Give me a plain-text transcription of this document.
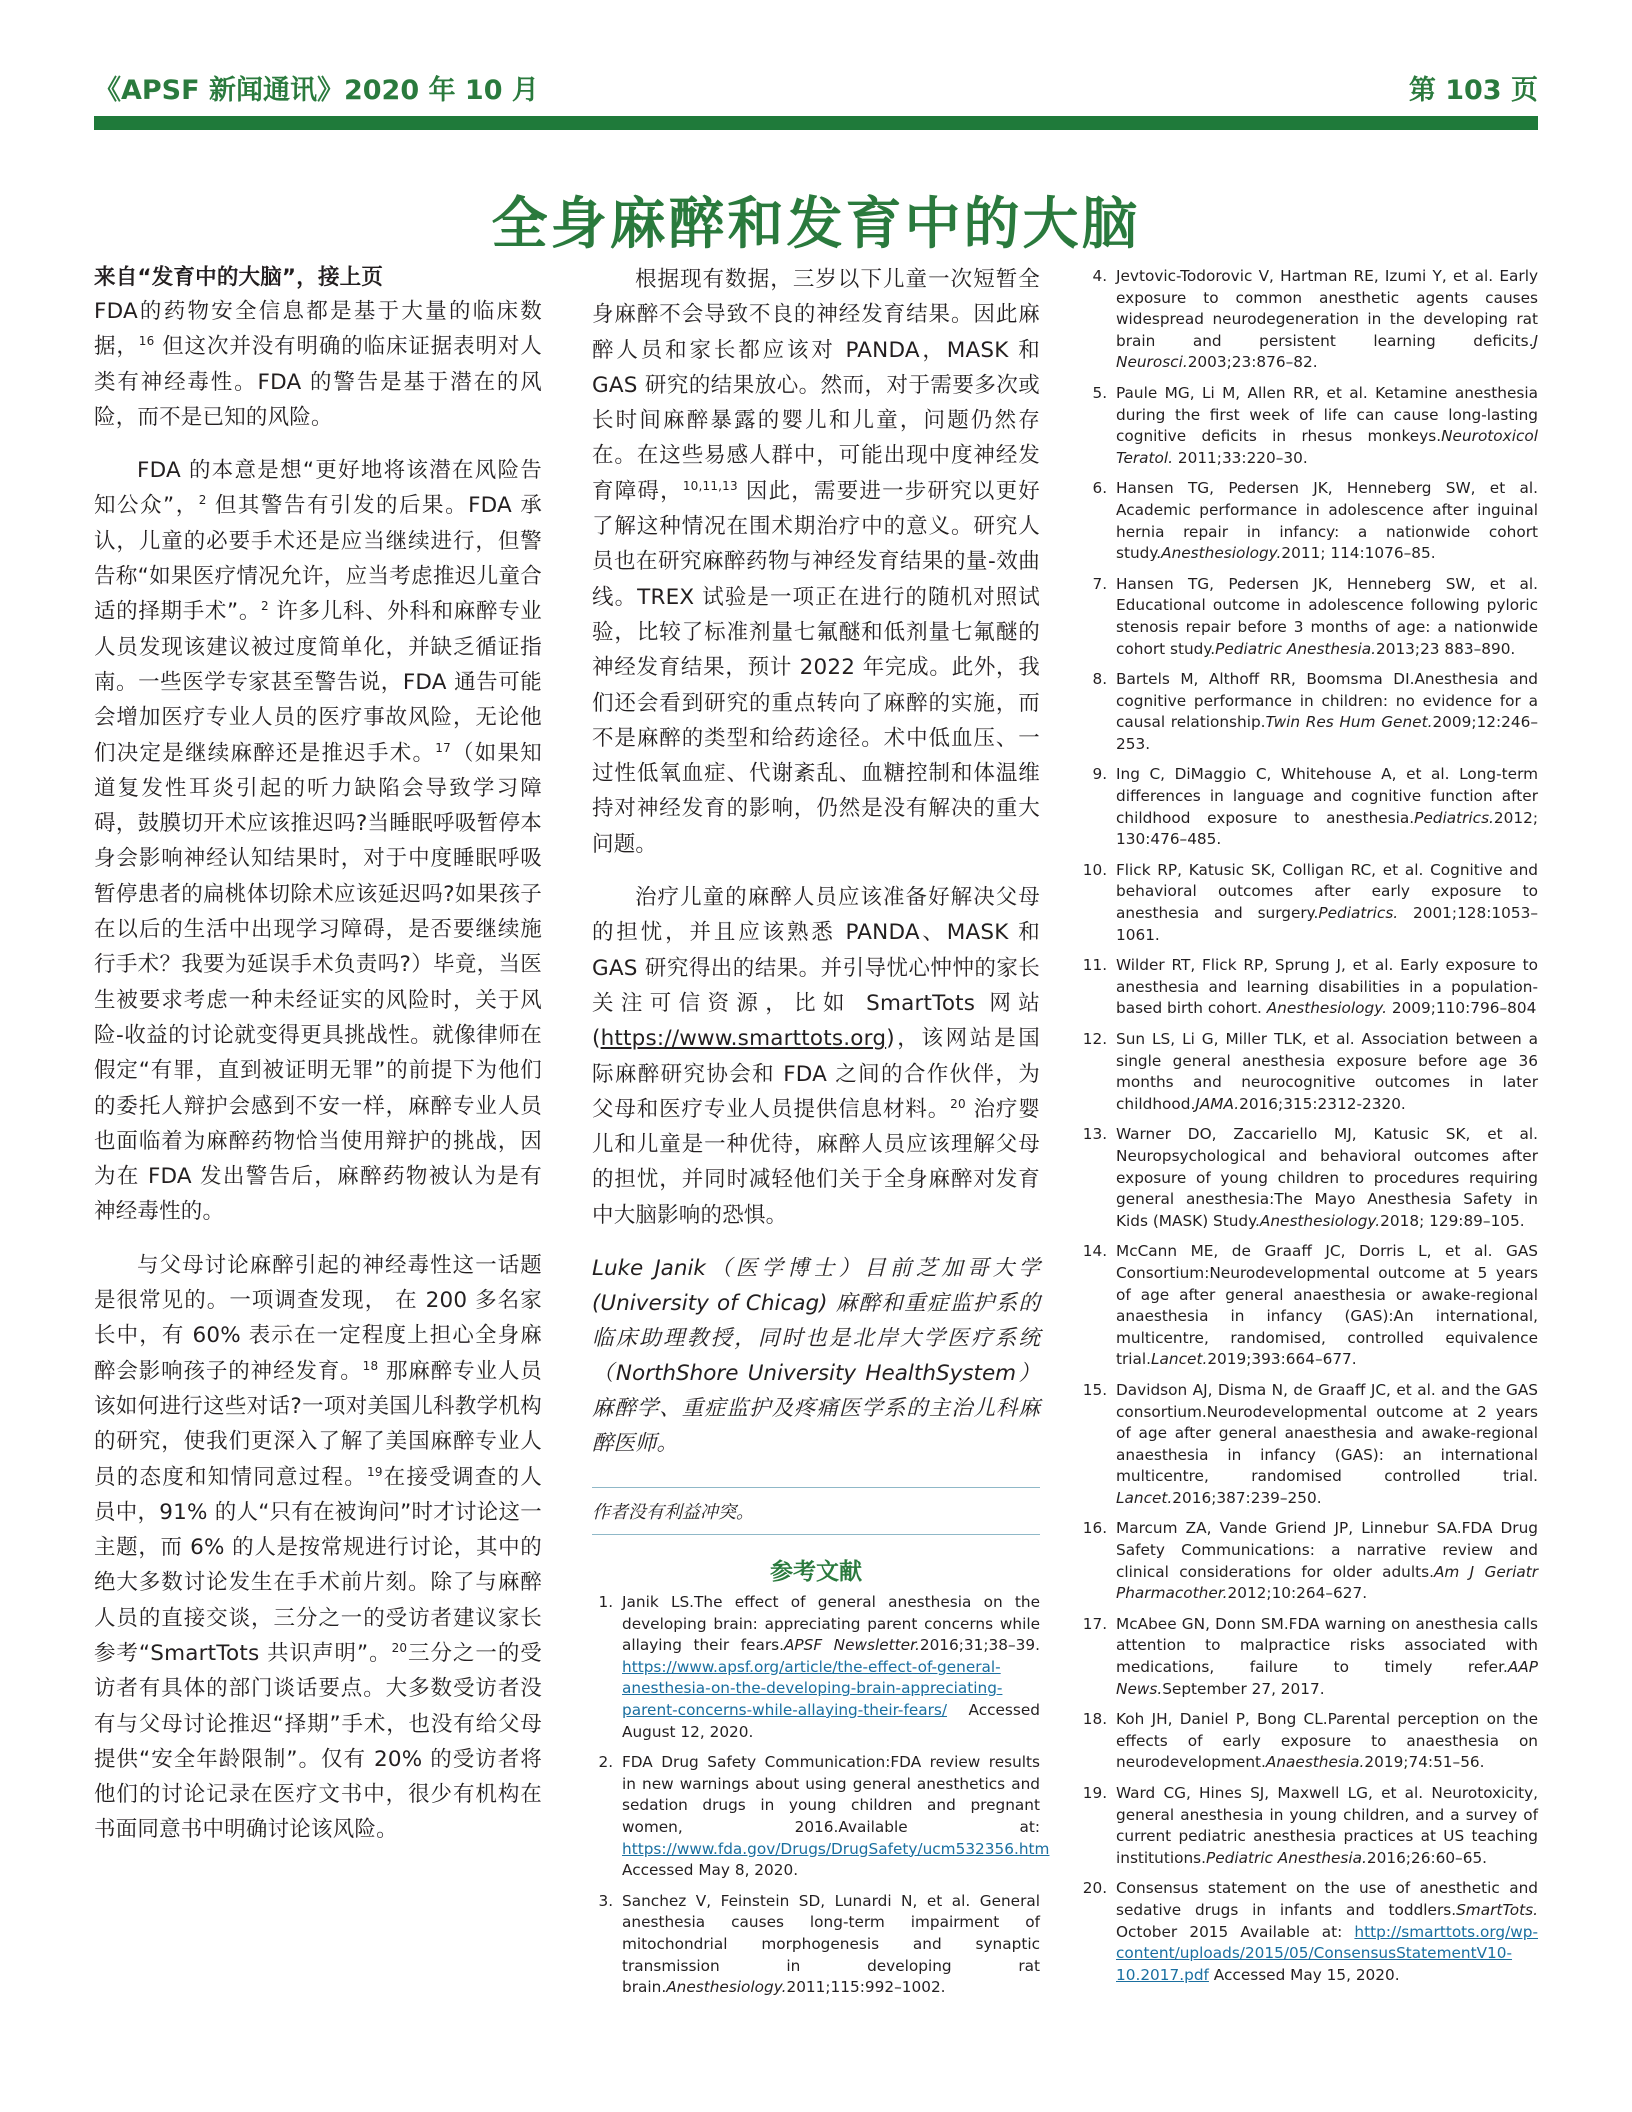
《APSF 新闻通讯》2020 年 10 月	第 103 页
全身麻醉和发育中的大脑
来自“发育中的大脑”，接上页

FDA的药物安全信息都是基于大量的临床数据，$^{16}$ 但这次并没有明确的临床证据表明对人类有神经毒性。FDA 的警告是基于潜在的风险，而不是已知的风险。

FDA 的本意是想“更好地将该潜在风险告知公众”，$^2$ 但其警告有引发的后果。FDA 承认，儿童的必要手术还是应当继续进行，但警告称“如果医疗情况允许，应当考虑推迟儿童合适的择期手术”。$^2$ 许多儿科、外科和麻醉专业人员发现该建议被过度简单化，并缺乏循证指南。一些医学专家甚至警告说，FDA 通告可能会增加医疗专业人员的医疗事故风险，无论他们决定是继续麻醉还是推迟手术。$^{17}$（如果知道复发性耳炎引起的听力缺陷会导致学习障碍，鼓膜切开术应该推迟吗?当睡眠呼吸暂停本身会影响神经认知结果时，对于中度睡眠呼吸暂停患者的扁桃体切除术应该延迟吗?如果孩子在以后的生活中出现学习障碍，是否要继续施行手术？我要为延误手术负责吗?）毕竟，当医生被要求考虑一种未经证实的风险时，关于风险-收益的讨论就变得更具挑战性。就像律师在假定“有罪，直到被证明无罪”的前提下为他们的委托人辩护会感到不安一样，麻醉专业人员也面临着为麻醉药物恰当使用辩护的挑战，因为在 FDA 发出警告后，麻醉药物被认为是有神经毒性的。

与父母讨论麻醉引起的神经毒性这一话题是很常见的。一项调查发现， 在 200 多名家长中，有 60% 表示在一定程度上担心全身麻醉会影响孩子的神经发育。$^{18}$ 那麻醉专业人员该如何进行这些对话?一项对美国儿科教学机构的研究，使我们更深入了解了美国麻醉专业人员的态度和知情同意过程。$^{19}$在接受调查的人员中，91% 的人“只有在被询问”时才讨论这一主题，而 6% 的人是按常规进行讨论，其中的绝大多数讨论发生在手术前片刻。除了与麻醉人员的直接交谈，三分之一的受访者建议家长参考“SmartTots 共识声明”。$^{20}$三分之一的受访者有具体的部门谈话要点。大多数受访者没有与父母讨论推迟“择期”手术，也没有给父母提供“安全年龄限制”。仅有 20% 的受访者将他们的讨论记录在医疗文书中，很少有机构在书面同意书中明确讨论该风险。

根据现有数据，三岁以下儿童一次短暂全身麻醉不会导致不良的神经发育结果。因此麻醉人员和家长都应该对 PANDA，MASK 和 GAS 研究的结果放心。然而，对于需要多次或长时间麻醉暴露的婴儿和儿童，问题仍然存在。在这些易感人群中，可能出现中度神经发育障碍，$^{10,11,13}$ 因此，需要进一步研究以更好了解这种情况在围术期治疗中的意义。研究人员也在研究麻醉药物与神经发育结果的量-效曲线。TREX 试验是一项正在进行的随机对照试验，比较了标准剂量七氟醚和低剂量七氟醚的神经发育结果，预计 2022 年完成。此外，我们还会看到研究的重点转向了麻醉的实施，而不是麻醉的类型和给药途径。术中低血压、一过性低氧血症、代谢紊乱、血糖控制和体温维持对神经发育的影响，仍然是没有解决的重大问题。

治疗儿童的麻醉人员应该准备好解决父母的担忧，并且应该熟悉 PANDA、MASK 和 GAS 研究得出的结果。并引导忧心忡忡的家长关注可信资源，比如 SmartTots 网站(https://www.smarttots.org)，该网站是国际麻醉研究协会和 FDA 之间的合作伙伴，为父母和医疗专业人员提供信息材料。$^{20}$ 治疗婴儿和儿童是一种优待，麻醉人员应该理解父母的担忧，并同时减轻他们关于全身麻醉对发育中大脑影响的恐惧。

Luke Janik（医学博士）目前芝加哥大学 (University of Chicag) 麻醉和重症监护系的临床助理教授，同时也是北岸大学医疗系统（NorthShore University HealthSystem）麻醉学、重症监护及疼痛医学系的主治儿科麻醉医师。
作者没有利益冲突。
参考文献
1. Janik LS.The effect of general anesthesia on the developing brain: appreciating parent concerns while allaying their fears.APSF Newsletter.2016;31;38–39. https://www.apsf.org/article/the-effect-of-general-anesthesia-on-the-developing-brain-appreciating-parent-concerns-while-allaying-their-fears/ Accessed August 12, 2020.
2. FDA Drug Safety Communication:FDA review results in new warnings about using general anesthetics and sedation drugs in young children and pregnant women, 2016.Available at: https://www.fda.gov/Drugs/DrugSafety/ucm532356.htm Accessed May 8, 2020.
3. Sanchez V, Feinstein SD, Lunardi N, et al. General anesthesia causes long-term impairment of mitochondrial morphogenesis and synaptic transmission in developing rat brain.Anesthesiology.2011;115:992–1002.
4. Jevtovic-Todorovic V, Hartman RE, Izumi Y, et al. Early exposure to common anesthetic agents causes widespread neurodegeneration in the developing rat brain and persistent learning deficits.J Neurosci.2003;23:876–82.
5. Paule MG, Li M, Allen RR, et al. Ketamine anesthesia during the first week of life can cause long-lasting cognitive deficits in rhesus monkeys.Neurotoxicol Teratol. 2011;33:220–30.
6. Hansen TG, Pedersen JK, Henneberg SW, et al. Academic performance in adolescence after inguinal hernia repair in infancy: a nationwide cohort study.Anesthesiology.2011; 114:1076–85.
7. Hansen TG, Pedersen JK, Henneberg SW, et al. Educational outcome in adolescence following pyloric stenosis repair before 3 months of age: a nationwide cohort study.Pediatric Anesthesia.2013;23 883–890.
8. Bartels M, Althoff RR, Boomsma DI.Anesthesia and cognitive performance in children: no evidence for a causal relationship.Twin Res Hum Genet.2009;12:246–253.
9. Ing C, DiMaggio C, Whitehouse A, et al. Long-term differences in language and cognitive function after childhood exposure to anesthesia.Pediatrics.2012; 130:476–485.
10. Flick RP, Katusic SK, Colligan RC, et al. Cognitive and behavioral outcomes after early exposure to anesthesia and surgery.Pediatrics. 2001;128:1053–1061.
11. Wilder RT, Flick RP, Sprung J, et al. Early exposure to anesthesia and learning disabilities in a population-based birth cohort. Anesthesiology. 2009;110:796–804
12. Sun LS, Li G, Miller TLK, et al. Association between a single general anesthesia exposure before age 36 months and neurocognitive outcomes in later childhood.JAMA.2016;315:2312-2320.
13. Warner DO, Zaccariello MJ, Katusic SK, et al. Neuropsychological and behavioral outcomes after exposure of young children to procedures requiring general anesthesia:The Mayo Anesthesia Safety in Kids (MASK) Study.Anesthesiology.2018; 129:89–105.
14. McCann ME, de Graaff JC, Dorris L, et al. GAS Consortium:Neurodevelopmental outcome at 5 years of age after general anaesthesia or awake-regional anaesthesia in infancy (GAS):An international, multicentre, randomised, controlled equivalence trial.Lancet.2019;393:664–677.
15. Davidson AJ, Disma N, de Graaff JC, et al. and the GAS consortium.Neurodevelopmental outcome at 2 years of age after general anaesthesia and awake-regional anaesthesia in infancy (GAS): an international multicentre, randomised controlled trial. Lancet.2016;387:239–250.
16. Marcum ZA, Vande Griend JP, Linnebur SA.FDA Drug Safety Communications: a narrative review and clinical considerations for older adults.Am J Geriatr Pharmacother.2012;10:264–627.
17. McAbee GN, Donn SM.FDA warning on anesthesia calls attention to malpractice risks associated with medications, failure to timely refer.AAP News.September 27, 2017.
18. Koh JH, Daniel P, Bong CL.Parental perception on the effects of early exposure to anaesthesia on neurodevelopment.Anaesthesia.2019;74:51–56.
19. Ward CG, Hines SJ, Maxwell LG, et al. Neurotoxicity, general anesthesia in young children, and a survey of current pediatric anesthesia practices at US teaching institutions.Pediatric Anesthesia.2016;26:60–65.
20. Consensus statement on the use of anesthetic and sedative drugs in infants and toddlers.SmartTots. October 2015 Available at: http://smarttots.org/wp-content/uploads/2015/05/ConsensusStatementV10-10.2017.pdf Accessed May 15, 2020.
